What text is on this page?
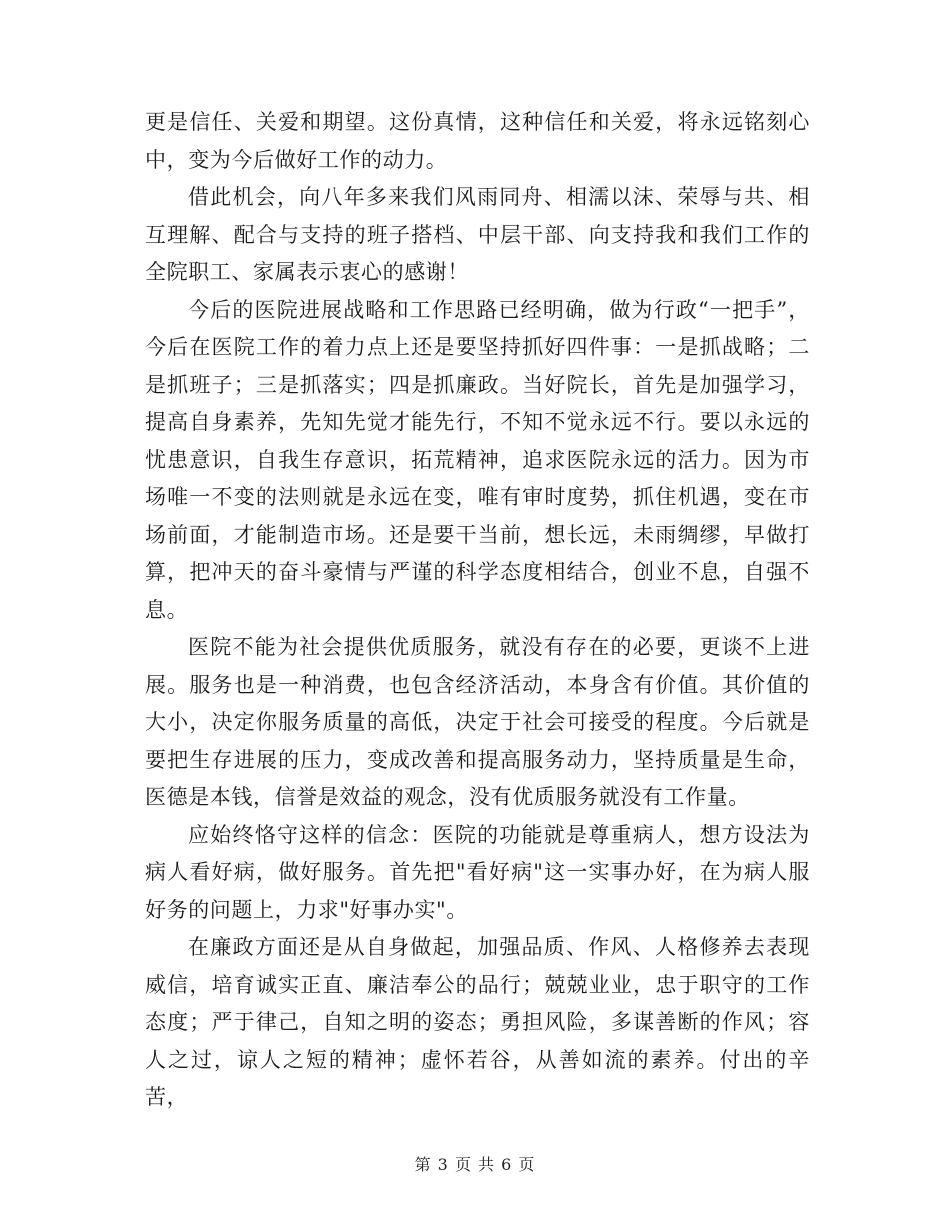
更是信任、关爱和期望。这份真情，这种信任和关爱，将永远铭刻心中，变为今后做好工作的动力。

借此机会，向八年多来我们风雨同舟、相濡以沫、荣辱与共、相互理解、配合与支持的班子搭档、中层干部、向支持我和我们工作的全院职工、家属表示衷心的感谢！

今后的医院进展战略和工作思路已经明确，做为行政“一把手”，今后在医院工作的着力点上还是要坚持抓好四件事：一是抓战略；二是抓班子；三是抓落实；四是抓廉政。当好院长，首先是加强学习，提高自身素养，先知先觉才能先行，不知不觉永远不行。要以永远的忧患意识，自我生存意识，拓荒精神，追求医院永远的活力。因为市场唯一不变的法则就是永远在变，唯有审时度势，抓住机遇，变在市场前面，才能制造市场。还是要干当前，想长远，未雨绸缪，早做打算，把冲天的奋斗豪情与严谨的科学态度相结合，创业不息，自强不息。

医院不能为社会提供优质服务，就没有存在的必要，更谈不上进展。服务也是一种消费，也包含经济活动，本身含有价值。其价值的大小，决定你服务质量的高低，决定于社会可接受的程度。今后就是要把生存进展的压力，变成改善和提高服务动力，坚持质量是生命，医德是本钱，信誉是效益的观念，没有优质服务就没有工作量。

应始终恪守这样的信念：医院的功能就是尊重病人，想方设法为病人看好病，做好服务。首先把"看好病"这一实事办好，在为病人服好务的问题上，力求"好事办实"。

在廉政方面还是从自身做起，加强品质、作风、人格修养去表现威信，培育诚实正直、廉洁奉公的品行；兢兢业业，忠于职守的工作态度；严于律己，自知之明的姿态；勇担风险，多谋善断的作风；容人之过，谅人之短的精神；虚怀若谷，从善如流的素养。付出的辛苦，

第 3 页 共 6 页
